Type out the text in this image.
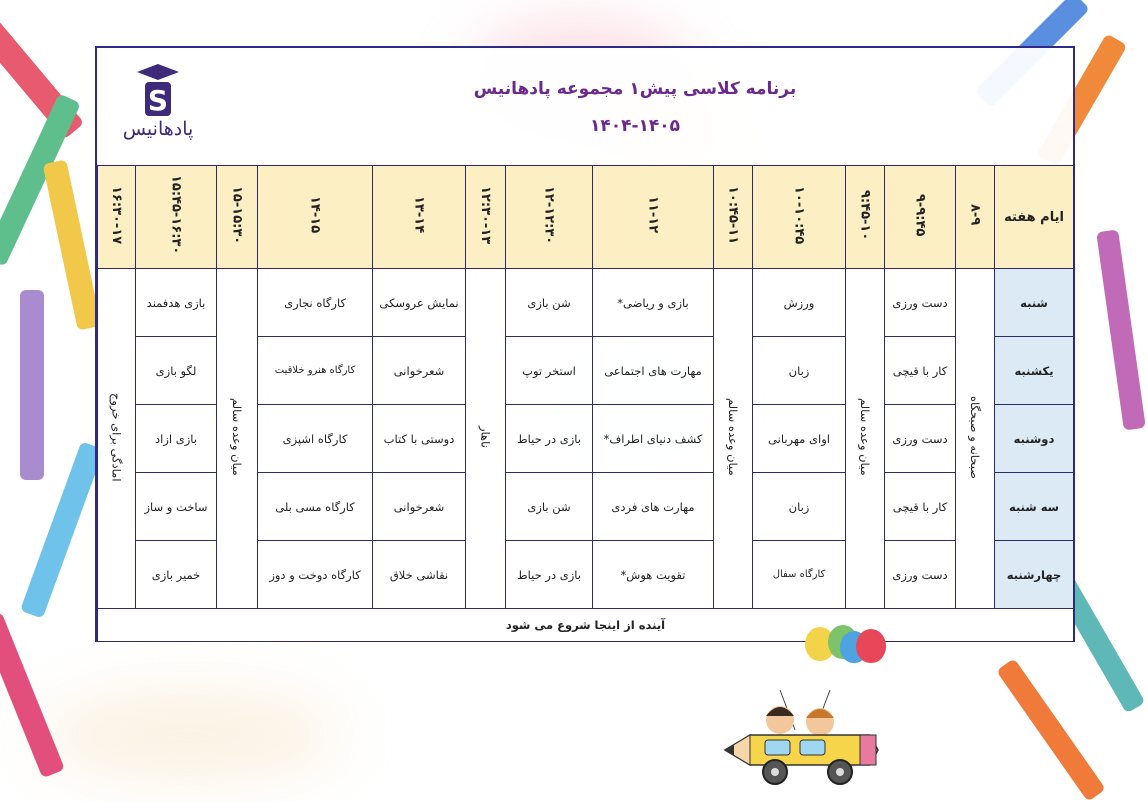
S
پادهانیس
برنامه کلاسی پیش۱ مجموعه پادهانیس
۱۴۰۴-۱۴۰۵
ایام هفته	۸-۹	۹-۹:۴۵	۹:۴۵-۱۰	۱۰-۱۰:۴۵	۱۰:۴۵-۱۱	۱۱-۱۲	۱۲-۱۲:۳۰	۱۲:۳۰-۱۳	۱۳-۱۴	۱۴-۱۵	۱۵-۱۵:۳۰	۱۵:۴۵-۱۶:۳۰	۱۶:۳۰-۱۷
شنبه	صبحانه و صبحگاه	دست ورزی	میان وعده سالم	ورزش	میان وعده سالم	بازی و ریاضی*	شن بازی	ناهار	نمایش عروسکی	کارگاه نجاری	میان وعده سالم	بازی هدفمند	امادگی برای خروج
یکشنبه		کار با قیچی		زبان		مهارت های اجتماعی	استخر توپ		شعرخوانی	کارگاه هنرو خلاقیت		لگو بازی	
دوشنبه		دست ورزی		اوای مهربانی		کشف دنیای اطراف*	بازی در حیاط		دوستی با کتاب	کارگاه اشپزی		بازی ازاد	
سه شنبه		کار با قیچی		زبان		مهارت های فردی	شن بازی		شعرخوانی	کارگاه مسی بلی		ساخت و ساز	
چهارشنبه		دست ورزی		کارگاه سفال		تقویت هوش*	بازی در حیاط		نقاشی خلاق	کارگاه دوخت و دوز		خمیر بازی	
آینده از اینجا شروع می شود													
